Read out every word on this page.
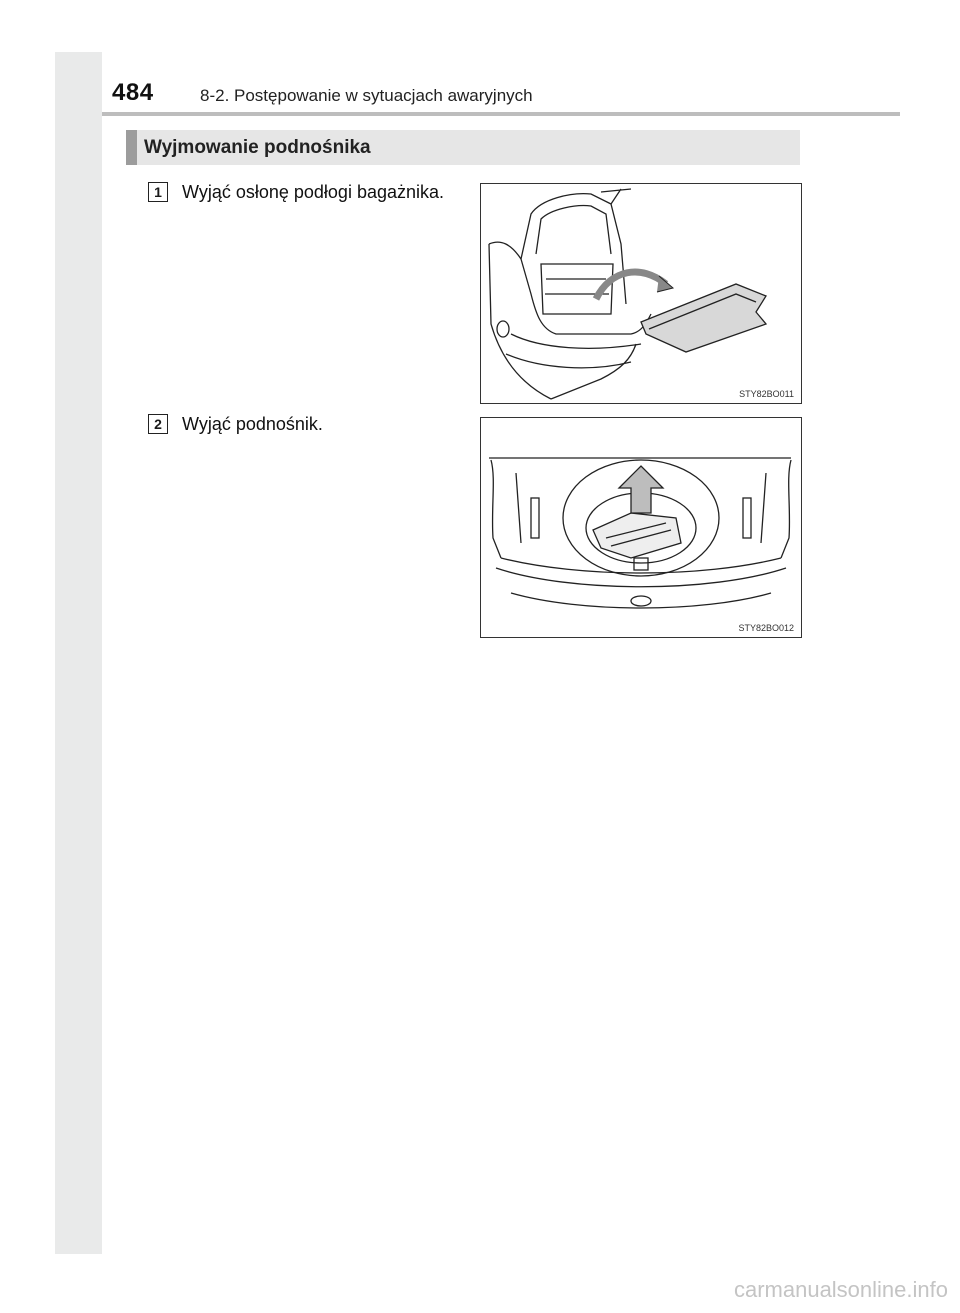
484	8-2. Postępowanie w sytuacjach awaryjnych
Wyjmowanie podnośnika
1	Wyjąć osłonę podłogi bagażnika.
STY82BO011
2	Wyjąć podnośnik.
STY82BO012
carmanualsonline.info
